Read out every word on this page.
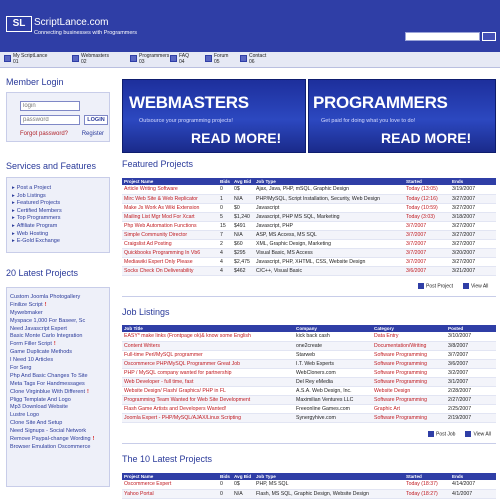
SL ScriptLance.com
Connecting businesses with Programmers
My ScriptLance
01
Webmasters
02
Programmers
03
FAQ
04
Forum
05
Contact
06
Member Login
login
password
LOGIN
Forgot password? Register
WEBMASTERS
Outsource your programming projects!
READ MORE!
PROGRAMMERS
Get paid for doing what you love to do!
READ MORE!
Services and Features
▸ Post a Project
▸ Job Listings
▸ Featured Projects
▸ Certified Members
▸ Top Programmers
▸ Affiliate Program
▸ Web Hosting
▸ E-Gold Exchange
20 Latest Projects
Custom Joomla Photogallery
Finilize Script !
Mywebmaker
Myspace 1,000 For Baseer, Sc
Need Javascript Expert
Basic Monte Carlo Integration
Form Filler Script !
Game Duplicate Methods
I Need 10 Articles
For Serg
Php And Basic Changes To Site
Meta Tags For Handmessages
Clone Virginblue With Different !
Pligg Template And Logo
Mp3 Download Website
Lustre Logo
Clone Site And Setup
Need Signups - Social Network
Remove Paypal-change Wording !
Browser Emulation Oscommerce
Featured Projects
Project Name	Bids	Avg Bid	Job Type	Started	Ends
Article Writing Software	0	0$	Ajax, Java, PHP, mSQL, Graphic Design	Today (13:05)	3/19/2007
Mirc Web Site & Web Replicator	1	N/A	PHP/MySQL, Script Installation, Security, Web Design	Today (12:16)	3/27/2007
Make Js Work As Wiki Extension	0	$0	Javascript	Today (10:59)	3/27/2007
Mailing List Mgr Mod For Xcart	5	$1,240	Javascript, PHP MS SQL, Marketing	Today (3:03)	3/18/2007
Php Web Automation Functions	15	$491	Javascript, PHP	3/7/2007	3/27/2007
Simple Community Director	7	N/A	ASP, MS Access, MS SQL	3/7/2007	3/27/2007
Craigslist Ad Posting	2	$60	XML, Graphic Design, Marketing	3/7/2007	3/27/2007
Quickbooks Programming In Vb6	4	$295	Visual Basic, MS Access	3/7/2007	3/20/2007
Mediawiki Expert Only Please	4	$2,475	Javascript, PHP, XHTML, CSS, Website Design	3/7/2007	3/27/2007
Socks Check On Deliverability	4	$462	C/C++, Visual Basic	3/6/2007	3/21/2007
Post Project	View All
Job Listings
Job Title	Company	Category	Posted
EASY* make links (Frontpage ok)& know some English	kick back cash	Data Entry	3/10/2007
Content Writers	one2create	Documentation/Writing	3/8/2007
Full-time Perl/MySQL programmer	Starweb	Software Programming	3/7/2007
Oscommerce PHP/MySQL Programmer Great Job	I.T. Web Experts	Software Programming	3/6/2007
PHP / MySQL company wanted for partnership	WebCloners.com	Software Programming	3/2/2007
Web Developer - full time, fast	Del Rey eMedia	Software Programming	3/1/2007
Website Design/ Flash/ Graphics/ PHP in FL	A.S.A. Web Design, Inc.	Website Design	2/28/2007
Programming Team Wanted for Web Site Development	Maximilian Ventures LLC	Software Programming	2/27/2007
Flash Game Artists and Developers Wanted!	Freeonline Games.com	Graphic Art	2/25/2007
Joomla Expert - PHP/MySQL/AJAX/Linux Scripting	Synergyhive.com	Software Programming	2/19/2007
Post Job	View All
The 10 Latest Projects
Project Name	Bids	Avg Bid	Job Type	Started	Ends
Oscommerce Expert	0	0$	PHP, MS SQL	Today (18:37)	4/14/2007
Yahoo Portal	0	N/A	Flash, MS SQL, Graphic Design, Website Design	Today (18:27)	4/1/2007
